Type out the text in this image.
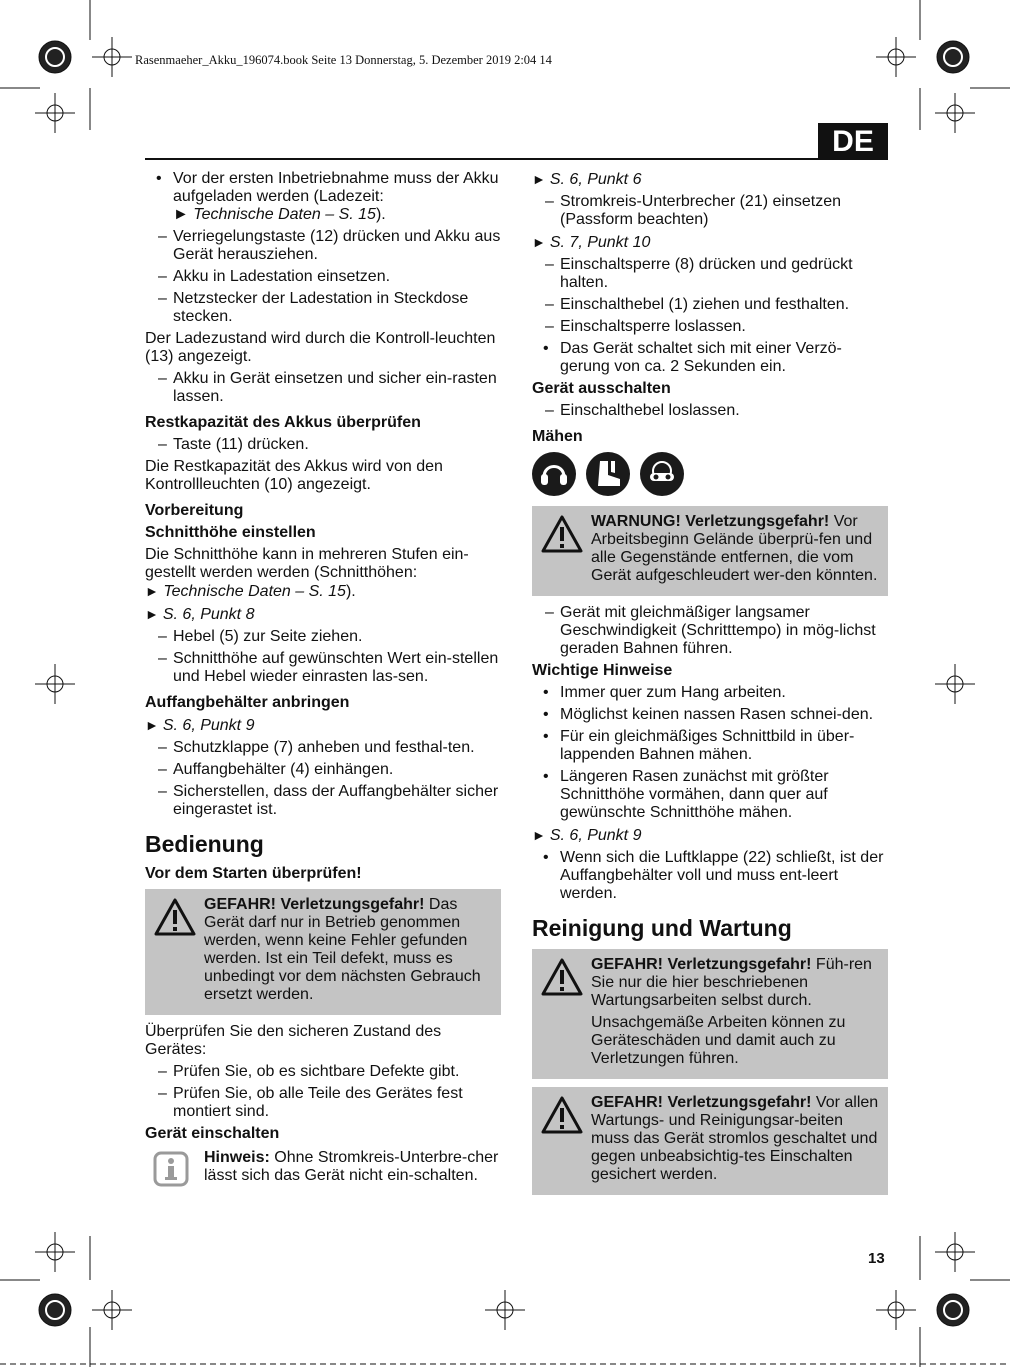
Rasenmaeher_Akku_196074.book Seite 13 Donnerstag, 5. Dezember 2019 2:04 14
DE
• Vor der ersten Inbetriebnahme muss der Akku aufgeladen werden (Ladezeit:
► Technische Daten – S. 15).
– Verriegelungstaste (12) drücken und Akku aus Gerät herausziehen.
– Akku in Ladestation einsetzen.
– Netzstecker der Ladestation in Steckdose stecken.

Der Ladezustand wird durch die Kontroll-leuchten (13) angezeigt.

– Akku in Gerät einsetzen und sicher ein-rasten lassen.
Restkapazität des Akkus überprüfen
– Taste (11) drücken.

Die Restkapazität des Akkus wird von den Kontrollleuchten (10) angezeigt.

Vorbereitung
Schnitthöhe einstellen

Die Schnitthöhe kann in mehreren Stufen ein-gestellt werden werden (Schnitthöhen:
► Technische Daten – S. 15).

► S. 6, Punkt 8

– Hebel (5) zur Seite ziehen.
– Schnitthöhe auf gewünschten Wert ein-stellen und Hebel wieder einrasten las-sen.
Auffangbehälter anbringen

► S. 6, Punkt 9

– Schutzklappe (7) anheben und festhal-ten.
– Auffangbehälter (4) einhängen.
– Sicherstellen, dass der Auffangbehälter sicher eingerastet ist.
Bedienung
Vor dem Starten überprüfen!

GEFAHR! Verletzungsgefahr! Das Gerät darf nur in Betrieb genommen werden, wenn keine Fehler gefunden werden. Ist ein Teil defekt, muss es unbedingt vor dem nächsten Gebrauch ersetzt werden.

Überprüfen Sie den sicheren Zustand des Gerätes:

– Prüfen Sie, ob es sichtbare Defekte gibt.
– Prüfen Sie, ob alle Teile des Gerätes fest montiert sind.
Gerät einschalten

Hinweis: Ohne Stromkreis-Unterbre-cher lässt sich das Gerät nicht ein-schalten.

► S. 6, Punkt 6

– Stromkreis-Unterbrecher (21) einsetzen (Passform beachten)

► S. 7, Punkt 10

– Einschaltsperre (8) drücken und gedrückt halten.
– Einschalthebel (1) ziehen und festhalten.
– Einschaltsperre loslassen.
• Das Gerät schaltet sich mit einer Verzö-gerung von ca. 2 Sekunden ein.
Gerät ausschalten
– Einschalthebel loslassen.
Mähen

WARNUNG! Verletzungsgefahr! Vor Arbeitsbeginn Gelände überprü-fen und alle Gegenstände entfernen, die vom Gerät aufgeschleudert wer-den könnten.

– Gerät mit gleichmäßiger langsamer Geschwindigkeit (Schritttempo) in mög-lichst geraden Bahnen führen.
Wichtige Hinweise
• Immer quer zum Hang arbeiten.
• Möglichst keinen nassen Rasen schnei-den.
• Für ein gleichmäßiges Schnittbild in über-lappenden Bahnen mähen.
• Längeren Rasen zunächst mit größter Schnitthöhe vormähen, dann quer auf gewünschte Schnitthöhe mähen.

► S. 6, Punkt 9

• Wenn sich die Luftklappe (22) schließt, ist der Auffangbehälter voll und muss ent-leert werden.
Reinigung und Wartung

GEFAHR! Verletzungsgefahr! Füh-ren Sie nur die hier beschriebenen Wartungsarbeiten selbst durch.

Unsachgemäße Arbeiten können zu Geräteschäden und damit auch zu Verletzungen führen.

GEFAHR! Verletzungsgefahr! Vor allen Wartungs- und Reinigungsar-beiten muss das Gerät stromlos geschaltet und gegen unbeabsichtig-tes Einschalten gesichert werden.

13
